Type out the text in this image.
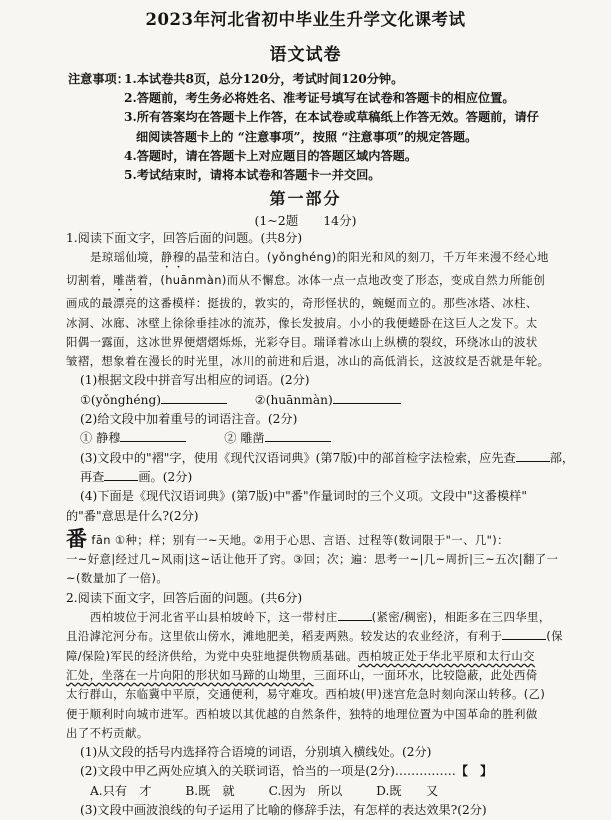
2023年河北省初中毕业生升学文化课考试
语文试卷
注意事项：
1.本试卷共8页，总分120分，考试时间120分钟。
2.答题前，考生务必将姓名、准考证号填写在试卷和答题卡的相应位置。
3.所有答案均在答题卡上作答，在本试卷或草稿纸上作答无效。答题前，请仔
细阅读答题卡上的 “注意事项”，按照 “注意事项”的规定答题。
4.答题时，请在答题卡上对应题目的答题区域内答题。
5.考试结束时，请将本试卷和答题卡一并交回。
第一部分
(1~2题　　14分)
1.阅读下面文字，回答后面的问题。(共8分)
是琼瑶仙境，静穆的晶莹和洁白。(yǒnghéng)的阳光和风的刻刀，千万年来漫不经心地
切割着，雕凿着，(huānmàn)而从不懈怠。冰体一点一点地改变了形态，变成自然力所能创
画成的最漂亮的这番模样：挺拔的，敦实的，奇形怪状的，蜿蜒而立的。那些冰塔、冰柱、
冰洞、冰廊、冰壁上徐徐垂挂冰的流苏，像长发披肩。小小的我便蜷卧在这巨人之发下。太
阳偶一露面，这冰世界便熠熠烁烁，光彩夺目。瑞译着冰山上纵横的裂纹，环绕冰山的波状
皱褶，想象着在漫长的时光里，冰川的前进和后退，冰山的高低消长，这波纹是否就是年轮。
(1)根据文段中拼音写出相应的词语。(2分)
①(yǒnghéng)	②(huānmàn)
(2)给文段中加着重号的词语注音。(2分)
① 静穆	② 雕凿
(3)文段中的"褶"字，使用《现代汉语词典》(第7版)中的部首检字法检索，应先查	部，
再查	画。(2分)
(4)下面是《现代汉语词典》(第7版)中"番"作量词时的三个义项。文段中"这番模样"
的"番"意思是什么?(2分)
番 fān ①种；样；别有一~天地。②用于心思、言语、过程等(数词限于"一、几")：
一~好意|经过几~风雨|这~话让他开了窍。③回；次；遍：思考一~|几~周折|三~五次|翻了一
~(数量加了一倍)。
2.阅读下面文字，回答后面的问题。(共6分)
西柏坡位于河北省平山县柏坡岭下，这一带村庄	(紧密/稠密)，相距多在三四华里，
且沿滹沱河分布。这里依山傍水，滩地肥美，稻麦两熟。较发达的农业经济，有利于	(保
障/保险)军民的经济供给，为党中央驻地提供物质基础。西柏坡正处于华北平原和太行山交
汇处，坐落在一片向阳的形状如马蹄的山坳里，三面环山，一面环水，比较隐蔽，此处西倚
太行群山，东临冀中平原，交通便利，易守难攻。西柏坡(甲)迷宫危急时刻向深山转移。(乙)
便于顺利时向城市进军。西柏坡以其优越的自然条件，独特的地理位置为中国革命的胜利做
出了不朽贡献。
(1)从文段的括号内选择符合语境的词语，分别填入横线处。(2分)
(2)文段中甲乙两处应填入的关联词语，恰当的一项是(2分)……………【　】
A.只有　才	B.既　就	C.因为　所以	D.既　　又
(3)文段中画波浪线的句子运用了比喻的修辞手法，有怎样的表达效果?(2分)
